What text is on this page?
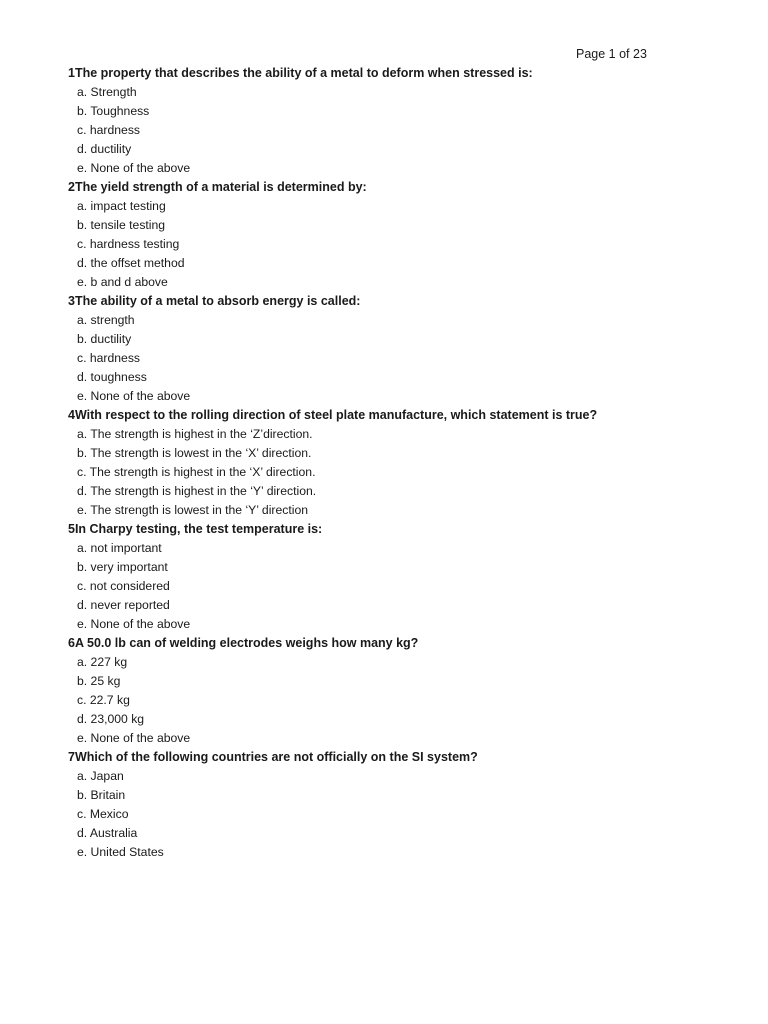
Page 1 of 23
1The property that describes the ability of a metal to deform when stressed is:
a. Strength
b. Toughness
c. hardness
d. ductility
e. None of the above
2The yield strength of a material is determined by:
a. impact testing
b. tensile testing
c. hardness testing
d. the offset method
e. b and d above
3The ability of a metal to absorb energy is called:
a. strength
b. ductility
c. hardness
d. toughness
e. None of the above
4With respect to the rolling direction of steel plate manufacture, which statement is true?
a. The strength is highest in the ‘Z’direction.
b. The strength is lowest in the ‘X’ direction.
c. The strength is highest in the ‘X’ direction.
d. The strength is highest in the ‘Y’ direction.
e. The strength is lowest in the ‘Y’ direction
5In Charpy testing, the test temperature is:
a. not important
b. very important
c. not considered
d. never reported
e. None of the above
6A 50.0 lb can of welding electrodes weighs how many kg?
a. 227 kg
b. 25 kg
c. 22.7 kg
d. 23,000 kg
e. None of the above
7Which of the following countries are not officially on the SI system?
a. Japan
b. Britain
c. Mexico
d. Australia
e. United States
